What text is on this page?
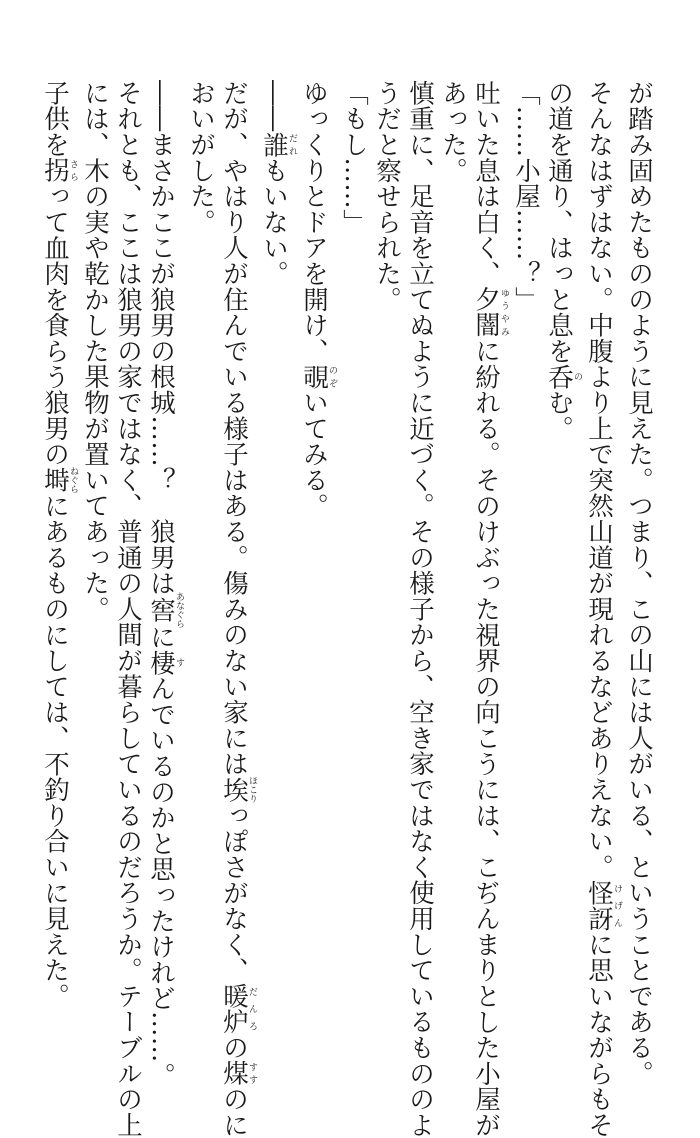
が踏み固めたもののように見えた。つまり、この山には人がいる、ということである。
そんなはずはない。中腹より上で突然山道が現れるなどありえない。怪訝けげんに思いながらもそ
の道を通り、はっと息を呑のむ。
「……小屋……？」
吐いた息は白く、夕闇ゆうやみに紛れる。そのけぶった視界の向こうには、こぢんまりとした小屋が
あった。
慎重に、足音を立てぬように近づく。その様子から、空き家ではなく使用しているもののよ
うだと察せられた。
「もし……」
ゆっくりとドアを開け、覗のぞいてみる。
――誰だれもいない。
だが、やはり人が住んでいる様子はある。傷みのない家には埃ほこりっぽさがなく、暖炉だんろの煤すすのに
おいがした。
――まさかここが狼男の根城……？　狼男は窖あなぐらに棲すんでいるのかと思ったけれど……。
それとも、ここは狼男の家ではなく、普通の人間が暮らしているのだろうか。テーブルの上
には、木の実や乾かした果物が置いてあった。
子供を拐さらって血肉を食らう狼男の塒ねぐらにあるものにしては、不釣り合いに見えた。
